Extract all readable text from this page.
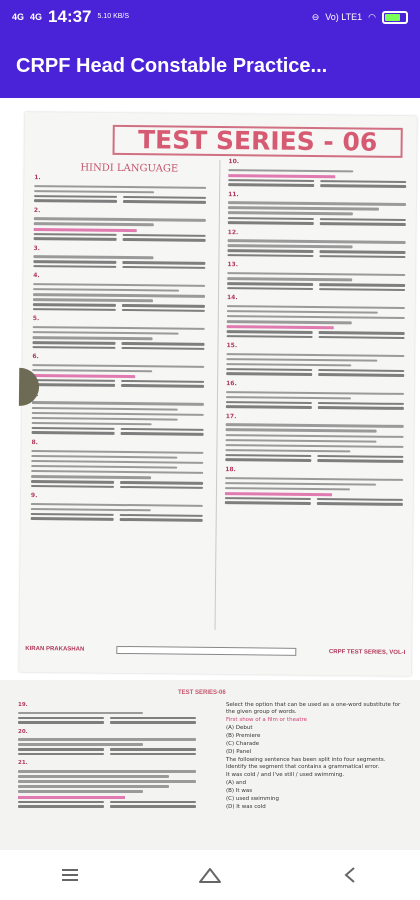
4G 4G 14:37 5.10 KB/S	⊖ Vo) LTE1 ◠
CRPF Head Constable Practice...
TEST SERIES - 06
HINDI LANGUAGE
1.
2.
3.
4.
5.
6.
8.
9.
10.
11.
12.
13.
14.
15.
16.
17.
18.
KIRAN PRAKASHAN	CRPF TEST SERIES, VOL-I
TEST SERIES-06
19.
20.
21.
Select the option that can be used as a one-word substitute for the given group of words.
First show of a film or theatre
(A) Debut
(B) Premiere
(C) Charade
(D) Panel
The following sentence has been split into four segments. Identify the segment that contains a grammatical error.
It was cold / and I've still / used swimming.
(A) and
(B) It was
(C) used swimming
(D) It was cold
